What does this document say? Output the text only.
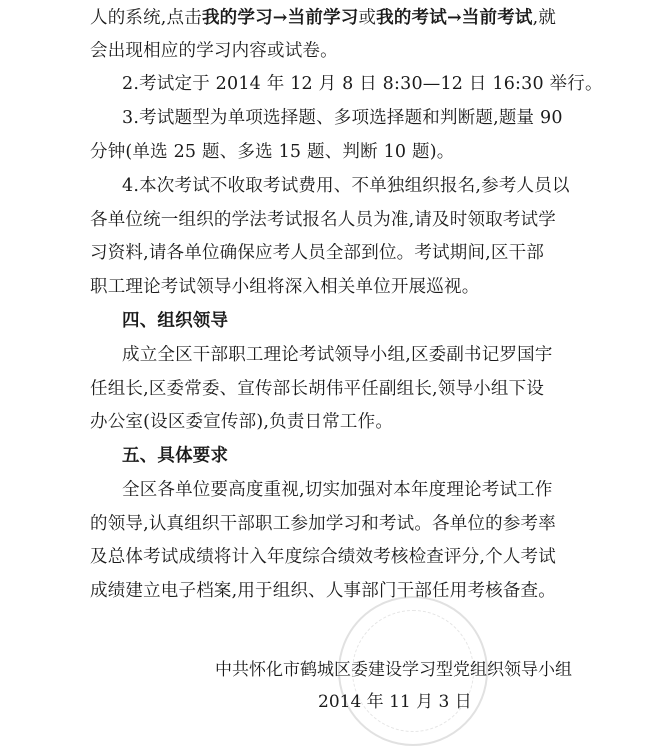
人的系统,点击我的学习→当前学习或我的考试→当前考试,就
会出现相应的学习内容或试卷。
2.考试定于 2014 年 12 月 8 日 8:30—12 日 16:30 举行。
3.考试题型为单项选择题、多项选择题和判断题,题量 90
分钟(单选 25 题、多选 15 题、判断 10 题)。
4.本次考试不收取考试费用、不单独组织报名,参考人员以
各单位统一组织的学法考试报名人员为准,请及时领取考试学
习资料,请各单位确保应考人员全部到位。考试期间,区干部
职工理论考试领导小组将深入相关单位开展巡视。
四、组织领导
成立全区干部职工理论考试领导小组,区委副书记罗国宇
任组长,区委常委、宣传部长胡伟平任副组长,领导小组下设
办公室(设区委宣传部),负责日常工作。
五、具体要求
全区各单位要高度重视,切实加强对本年度理论考试工作
的领导,认真组织干部职工参加学习和考试。各单位的参考率
及总体考试成绩将计入年度综合绩效考核检查评分,个人考试
成绩建立电子档案,用于组织、人事部门干部任用考核备查。
中共怀化市鹤城区委建设学习型党组织领导小组
2014 年 11 月 3 日
